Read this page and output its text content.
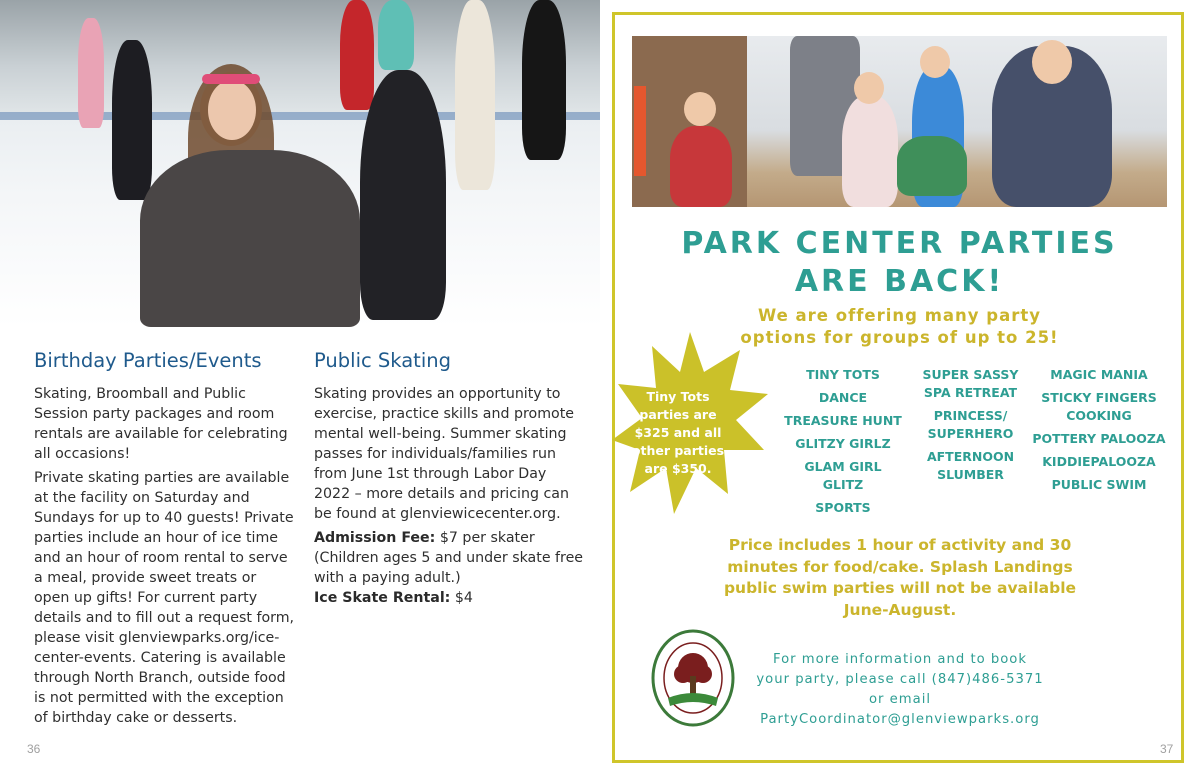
Birthday Parties/Events

Skating, Broomball and Public Session party packages and room rentals are available for celebrating all occasions!

Private skating parties are available at the facility on Saturday and Sundays for up to 40 guests! Private parties include an hour of ice time and an hour of room rental to serve a meal, provide sweet treats or open up gifts! For current party details and to fill out a request form, please visit glenviewparks.org/ice-center-events. Catering is available through North Branch, outside food is not permitted with the exception of birthday cake or desserts.

Public Skating

Skating provides an opportunity to exercise, practice skills and promote mental well-being. Summer skating passes for individuals/families run from June 1st through Labor Day 2022 – more details and pricing can be found at glenviewicecenter.org.

Admission Fee: $7 per skater (Children ages 5 and under skate free with a paying adult.)
Ice Skate Rental: $4

36
PARK CENTER PARTIES
ARE BACK!
We are offering many party
options for groups of up to 25!
Tiny Tots parties are $325 and all other parties are $350.
TINY TOTS
DANCE
TREASURE HUNT
GLITZY GIRLZ
GLAM GIRL GLITZ
SPORTS
SUPER SASSY SPA RETREAT
PRINCESS/ SUPERHERO
AFTERNOON SLUMBER
MAGIC MANIA
STICKY FINGERS COOKING
POTTERY PALOOZA
KIDDIEPALOOZA
PUBLIC SWIM
Price includes 1 hour of activity and 30 minutes for food/cake. Splash Landings public swim parties will not be available June-August.
For more information and to book
your party, please call (847)486-5371
or email
PartyCoordinator@glenviewparks.org
37
